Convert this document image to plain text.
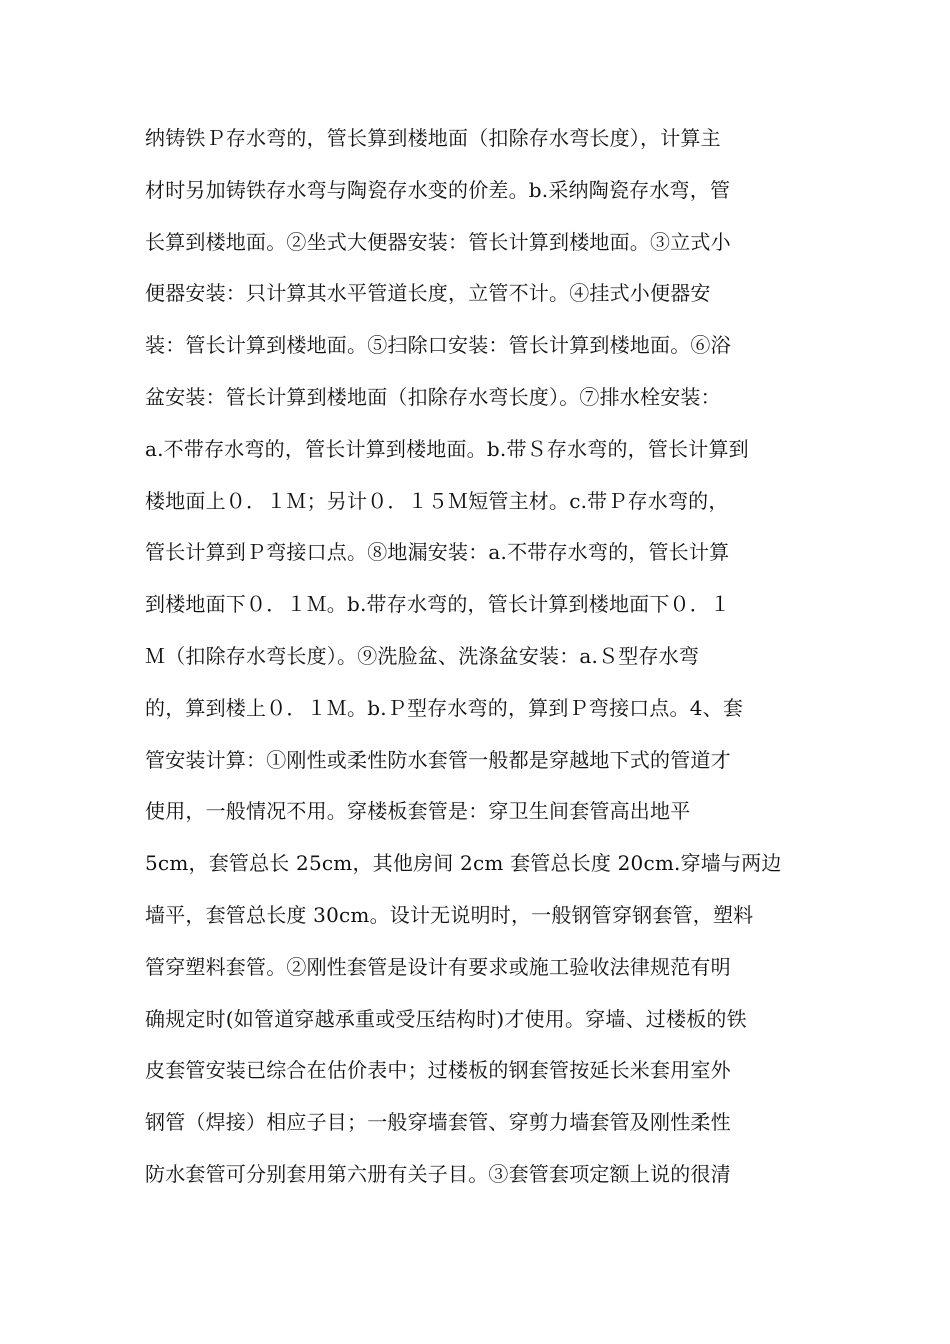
纳铸铁Ｐ存水弯的，管长算到楼地面（扣除存水弯长度），计算主
材时另加铸铁存水弯与陶瓷存水变的价差。b.采纳陶瓷存水弯，管
长算到楼地面。②坐式大便器安装：管长计算到楼地面。③立式小
便器安装：只计算其水平管道长度，立管不计。④挂式小便器安
装：管长计算到楼地面。⑤扫除口安装：管长计算到楼地面。⑥浴
盆安装：管长计算到楼地面（扣除存水弯长度）。⑦排水栓安装：
a.不带存水弯的，管长计算到楼地面。b.带Ｓ存水弯的，管长计算到
楼地面上０．１Ｍ；另计０．１５Ｍ短管主材。c.带Ｐ存水弯的，
管长计算到Ｐ弯接口点。⑧地漏安装：a.不带存水弯的，管长计算
到楼地面下０．１Ｍ。b.带存水弯的，管长计算到楼地面下０．１
Ｍ（扣除存水弯长度）。⑨洗脸盆、洗涤盆安装：a.Ｓ型存水弯
的，算到楼上０．１Ｍ。b.Ｐ型存水弯的，算到Ｐ弯接口点。4、套
管安装计算：①刚性或柔性防水套管一般都是穿越地下式的管道才
使用，一般情况不用。穿楼板套管是：穿卫生间套管高出地平
5cm，套管总长 25cm，其他房间 2cm 套管总长度 20cm.穿墙与两边
墙平，套管总长度 30cm。设计无说明时，一般钢管穿钢套管，塑料
管穿塑料套管。②刚性套管是设计有要求或施工验收法律规范有明
确规定时(如管道穿越承重或受压结构时)才使用。穿墙、过楼板的铁
皮套管安装已综合在估价表中；过楼板的钢套管按延长米套用室外
钢管（焊接）相应子目；一般穿墙套管、穿剪力墙套管及刚性柔性
防水套管可分别套用第六册有关子目。③套管套项定额上说的很清
